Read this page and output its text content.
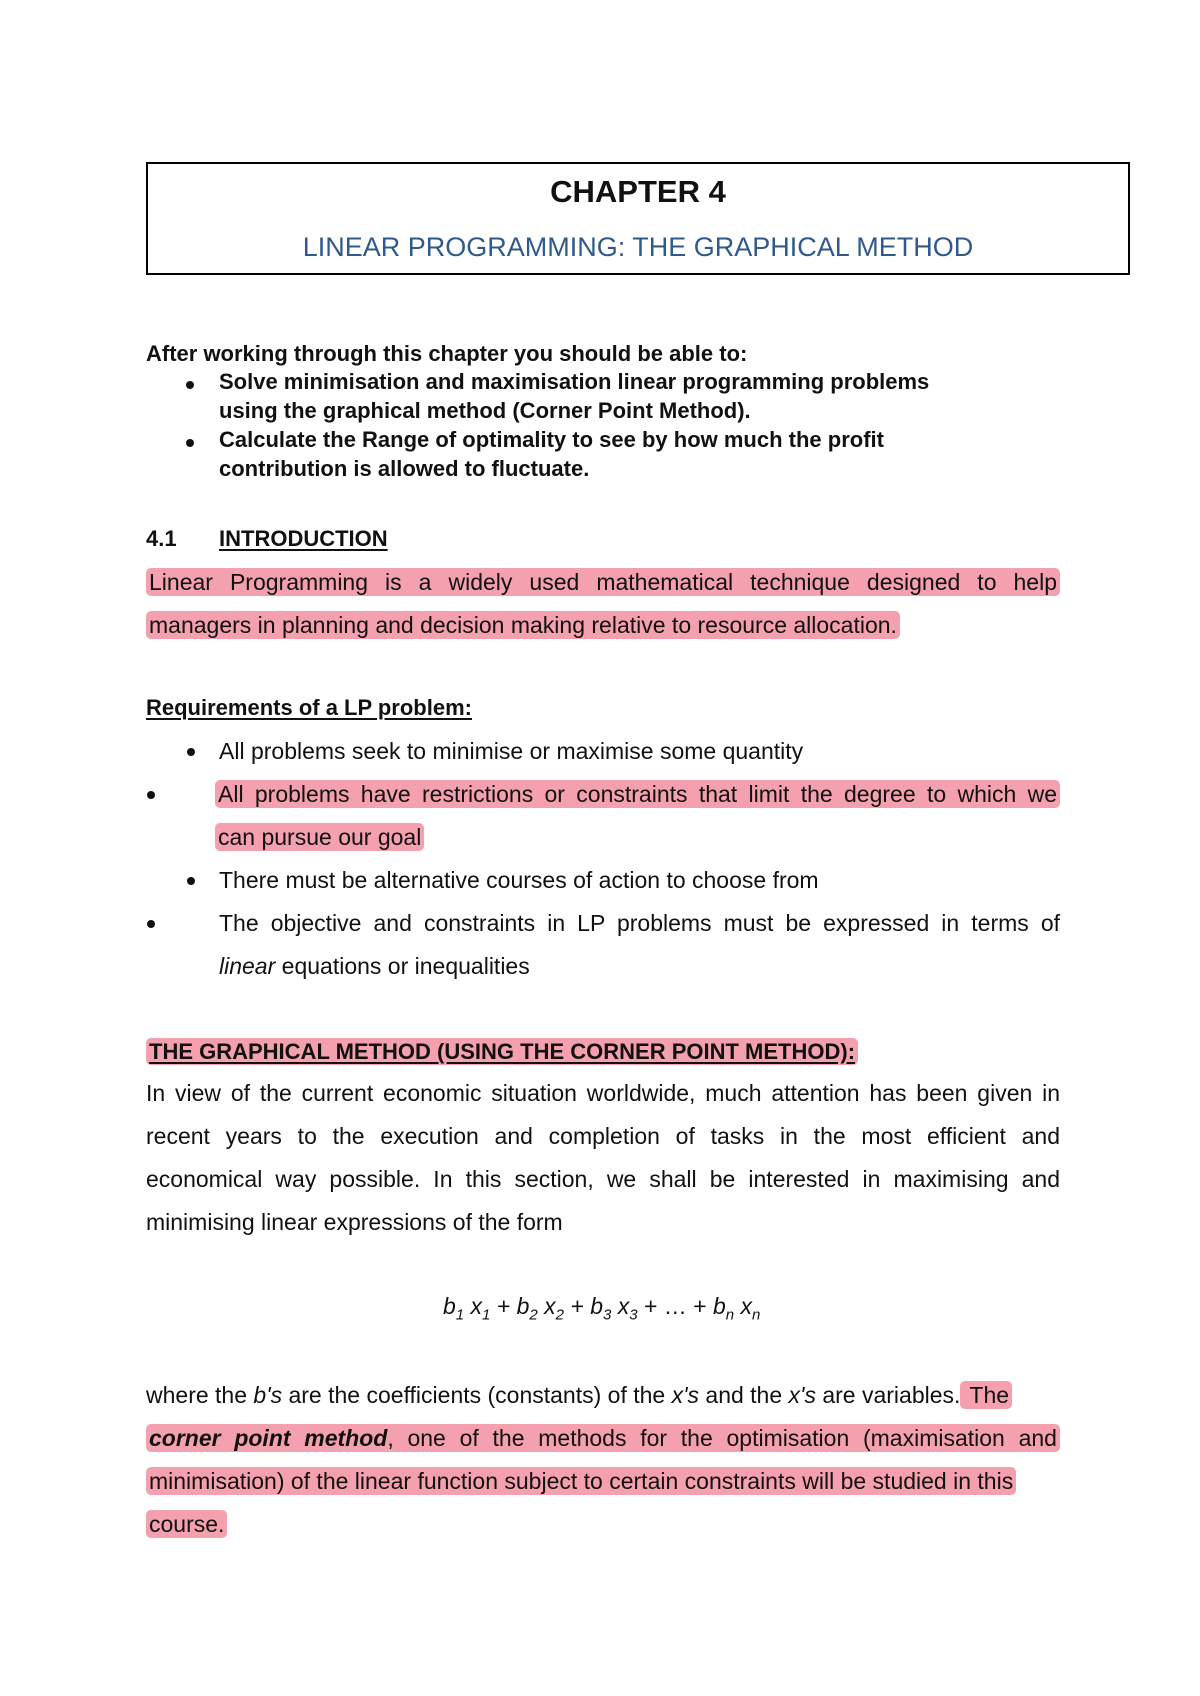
CHAPTER 4
LINEAR PROGRAMMING: THE GRAPHICAL METHOD
After working through this chapter you should be able to:
Solve minimisation and maximisation linear programming problems
using the graphical method (Corner Point Method).
Calculate the Range of optimality to see by how much the profit
contribution is allowed to fluctuate.
4.1 INTRODUCTION
Linear Programming is a widely used mathematical technique designed to help
managers in planning and decision making relative to resource allocation.
Requirements of a LP problem:
All problems seek to minimise or maximise some quantity
All problems have restrictions or constraints that limit the degree to which we
can pursue our goal
There must be alternative courses of action to choose from
The objective and constraints in LP problems must be expressed in terms of
linear equations or inequalities
THE GRAPHICAL METHOD (USING THE CORNER POINT METHOD):
In view of the current economic situation worldwide, much attention has been given in
recent years to the execution and completion of tasks in the most efficient and
economical way possible. In this section, we shall be interested in maximising and
minimising linear expressions of the form
$b_1$ $x_1 + b_2$ $x_2 + b_3$ $x_3$ + … + $b_n$ $x_n$
where the b's are the coefficients (constants) of the x's and the x's are variables. The
corner point method, one of the methods for the optimisation (maximisation and
minimisation) of the linear function subject to certain constraints will be studied in this
course.
